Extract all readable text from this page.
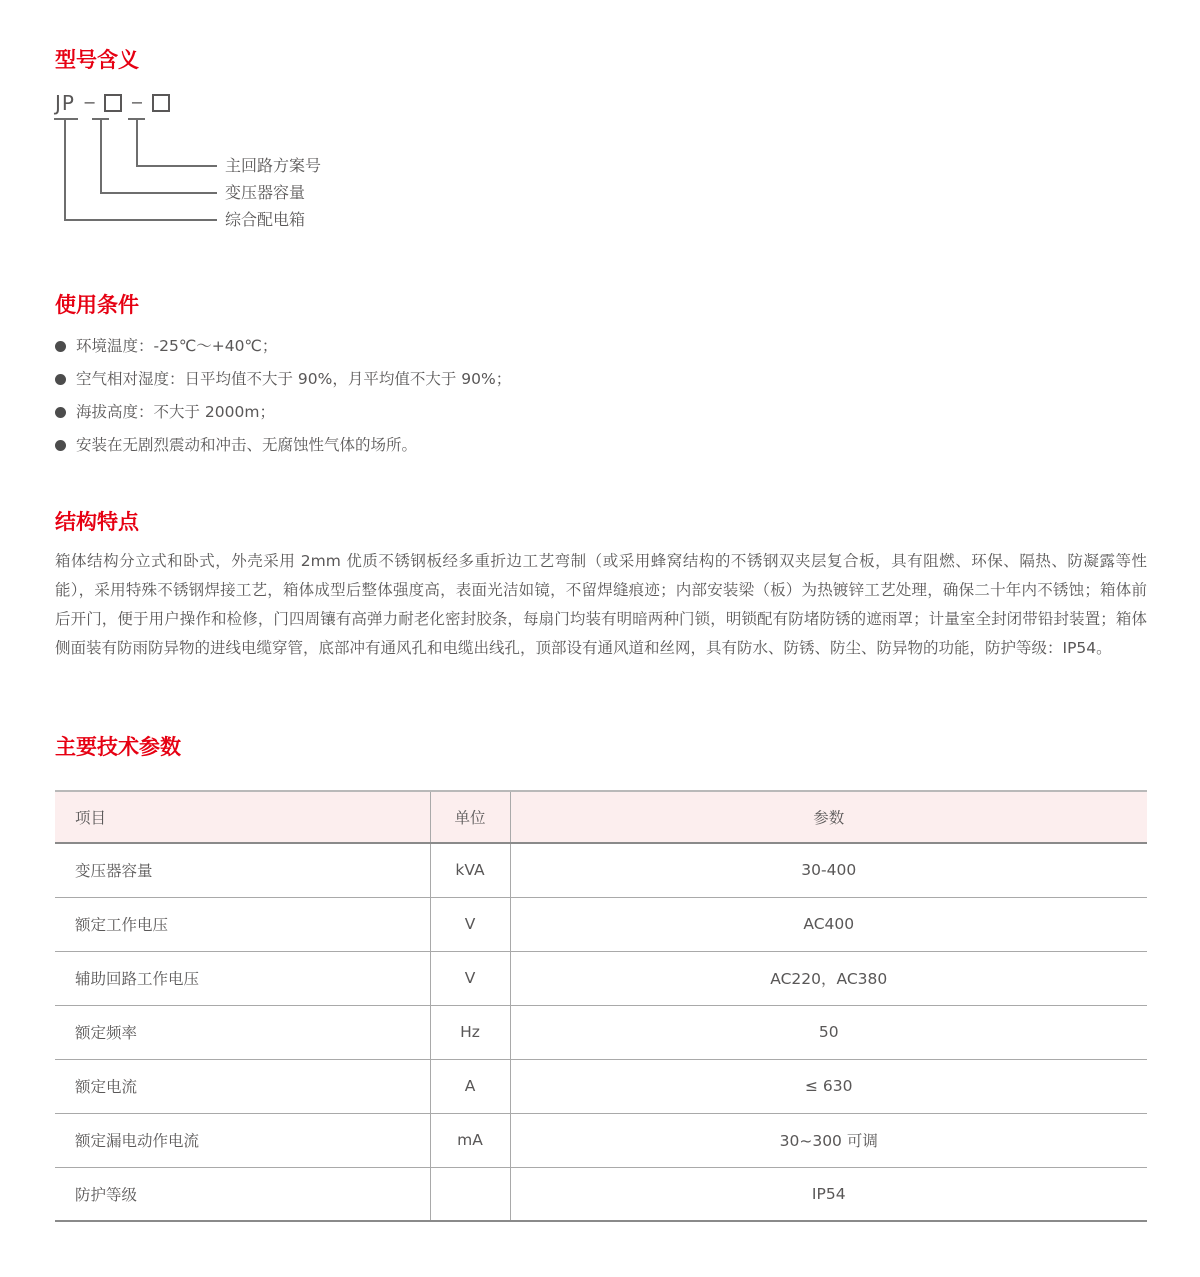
型号含义
JP − −
主回路方案号
变压器容量
综合配电箱
使用条件
环境温度：-25℃～+40℃；
空气相对湿度：日平均值不大于 90%，月平均值不大于 90%；
海拔高度：不大于 2000m；
安装在无剧烈震动和冲击、无腐蚀性气体的场所。
结构特点

箱体结构分立式和卧式，外壳采用 2mm 优质不锈钢板经多重折边工艺弯制（或采用蜂窝结构的不锈钢双夹层复合板，具有阻燃、环保、隔热、防凝露等性能），采用特殊不锈钢焊接工艺，箱体成型后整体强度高，表面光洁如镜，不留焊缝痕迹；内部安装梁（板）为热镀锌工艺处理，确保二十年内不锈蚀；箱体前后开门，便于用户操作和检修，门四周镶有高弹力耐老化密封胶条，每扇门均装有明暗两种门锁，明锁配有防堵防锈的遮雨罩；计量室全封闭带铅封装置；箱体侧面装有防雨防异物的进线电缆穿管，底部冲有通风孔和电缆出线孔，顶部设有通风道和丝网，具有防水、防锈、防尘、防异物的功能，防护等级：IP54。

主要技术参数
项目	单位	参数
变压器容量	kVA	30-400
额定工作电压	V	AC400
辅助回路工作电压	V	AC220，AC380
额定频率	Hz	50
额定电流	A	≤ 630
额定漏电动作电流	mA	30~300 可调
防护等级		IP54
